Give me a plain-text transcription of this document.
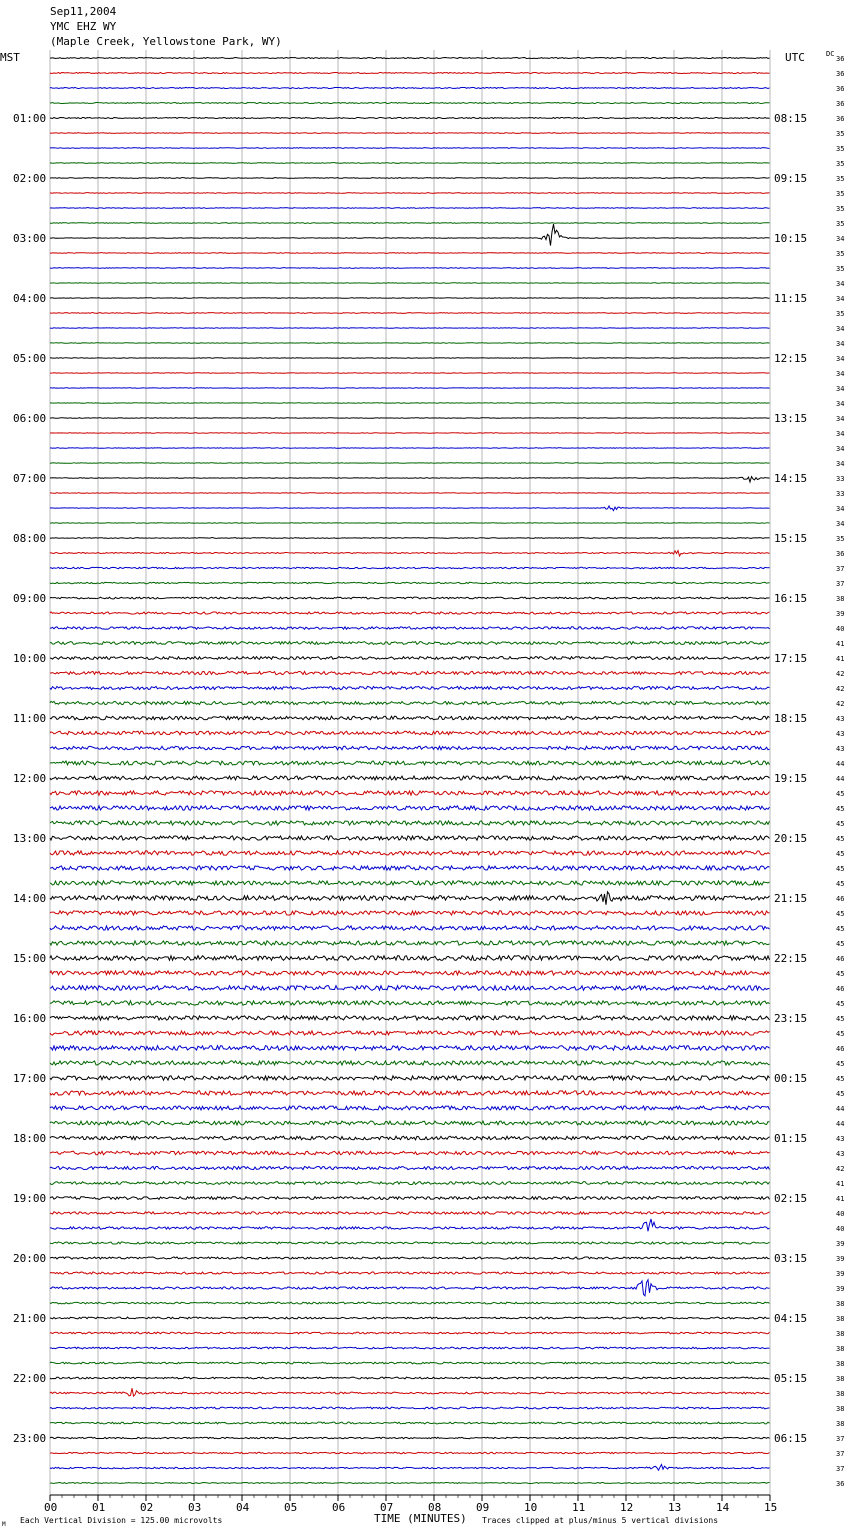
Sep11,2004
YMC EHZ WY
(Maple Creek, Yellowstone Park, WY)
MST	UTC	DC
TIME (MINUTES)
M Each Vertical Division = 125.00 microvolts	Traces clipped at plus/minus 5 vertical divisions
00	01	02	03	04	05	06	07	08	09	10	11	12	13	14	15
36
36
36
36
36
35
35
35
35
35
35
35
34
35
35
34
34
35
34
34
34
34
34
34
34
34
34
34
33
33
34
34
35
36
37
37
38
39
40
41
41
42
42
42
43
43
43
44
44
45
45
45
45
45
45
45
46
45
45
45
46
45
46
45
45
45
46
45
45
45
44
44
43
43
42
41
41
40
40
39
39
39
39
38
38
38
38
38
38
38
38
38
37
37
37
36
01:00
02:00
03:00
04:00
05:00
06:00
07:00
08:00
09:00
10:00
11:00
12:00
13:00
14:00
15:00
16:00
17:00
18:00
19:00
20:00
21:00
22:00
23:00
08:15
09:15
10:15
11:15
12:15
13:15
14:15
15:15
16:15
17:15
18:15
19:15
20:15
21:15
22:15
23:15
00:15
01:15
02:15
03:15
04:15
05:15
06:15
